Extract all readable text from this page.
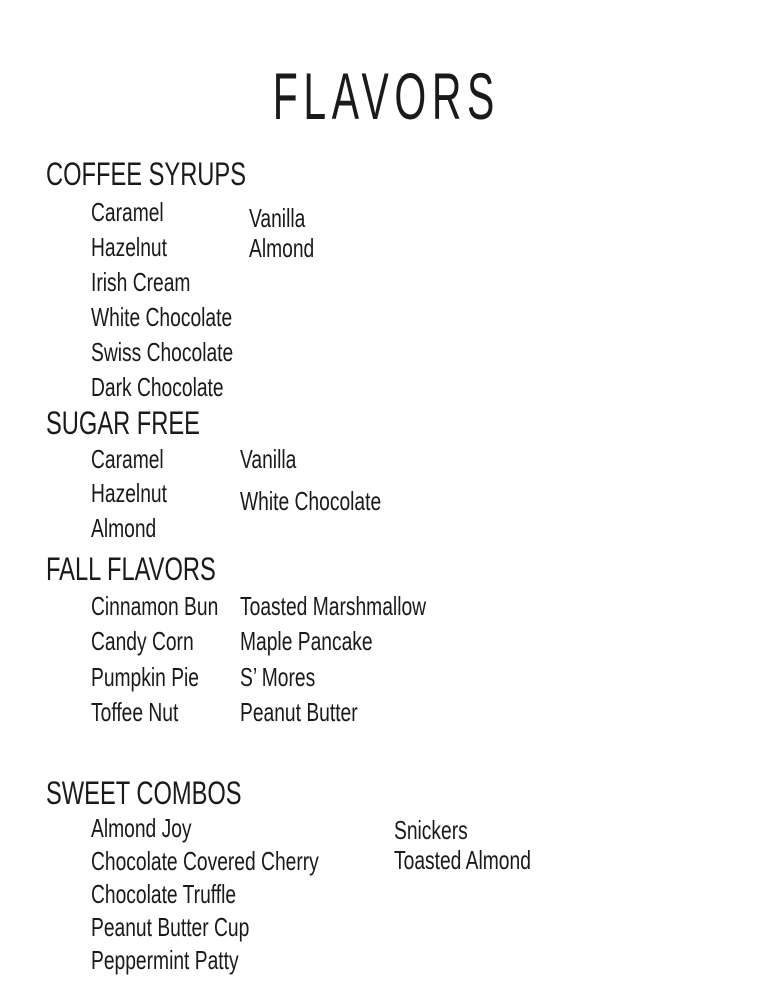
FLAVORS
COFFEE SYRUPS
Caramel
Hazelnut
Irish Cream
White Chocolate
Swiss Chocolate
Dark Chocolate
Vanilla
Almond
SUGAR FREE
Caramel
Hazelnut
Almond
Vanilla
White Chocolate
FALL FLAVORS
Cinnamon Bun
Candy Corn
Pumpkin Pie
Toffee Nut
Toasted Marshmallow
Maple Pancake
S’ Mores
Peanut Butter
SWEET COMBOS
Almond Joy
Chocolate Covered Cherry
Chocolate Truffle
Peanut Butter Cup
Peppermint Patty
Snickers
Toasted Almond
